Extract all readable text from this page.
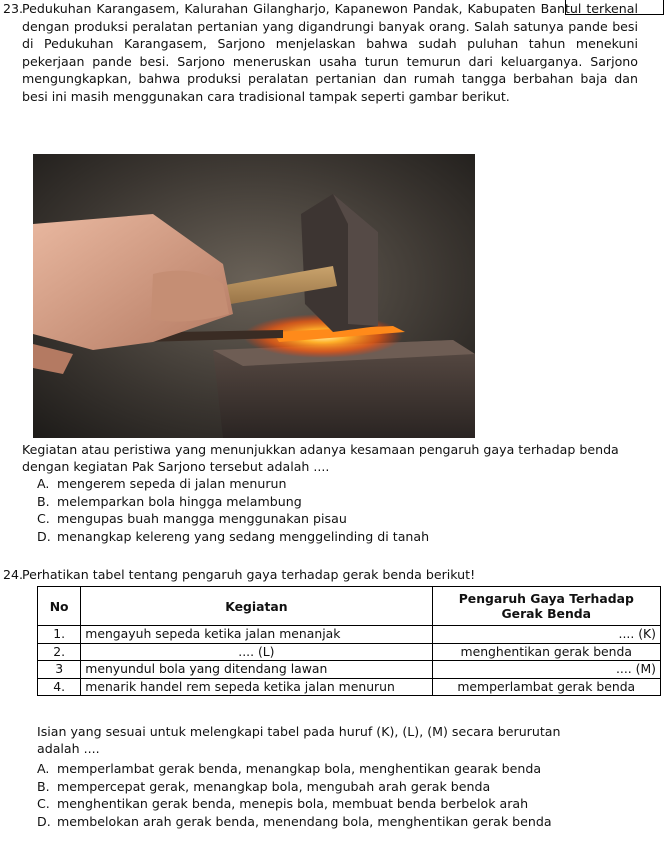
23.
Pedukuhan Karangasem, Kalurahan Gilangharjo, Kapanewon Pandak, Kabupaten Bantul terkenal dengan produksi peralatan pertanian yang digandrungi banyak orang. Salah satunya pande besi di Pedukuhan Karangasem, Sarjono menjelaskan bahwa sudah puluhan tahun menekuni pekerjaan pande besi. Sarjono meneruskan usaha turun temurun dari keluarganya. Sarjono mengungkapkan, bahwa produksi peralatan pertanian dan rumah tangga berbahan baja dan besi ini masih menggunakan cara tradisional tampak seperti gambar berikut.
Kegiatan atau peristiwa yang menunjukkan adanya kesamaan pengaruh gaya terhadap benda dengan kegiatan Pak Sarjono tersebut adalah ....
A. mengerem sepeda di jalan menurun
B. melemparkan bola hingga melambung
C. mengupas buah mangga menggunakan pisau
D. menangkap kelereng yang sedang menggelinding di tanah
24.
Perhatikan tabel tentang pengaruh gaya terhadap gerak benda berikut!
No	Kegiatan	Pengaruh Gaya Terhadap Gerak Benda
1.	mengayuh sepeda ketika jalan menanjak	.... (K)
2.	.... (L)	menghentikan gerak benda
3	menyundul bola yang ditendang lawan	.... (M)
4.	menarik handel rem sepeda ketika jalan menurun	memperlambat gerak benda
Isian yang sesuai untuk melengkapi tabel pada huruf (K), (L), (M) secara berurutan
adalah ....
A. memperlambat gerak benda, menangkap bola, menghentikan gearak benda
B. mempercepat gerak, menangkap bola, mengubah arah gerak benda
C. menghentikan gerak benda, menepis bola, membuat benda berbelok arah
D. membelokan arah gerak benda, menendang bola, menghentikan gerak benda
